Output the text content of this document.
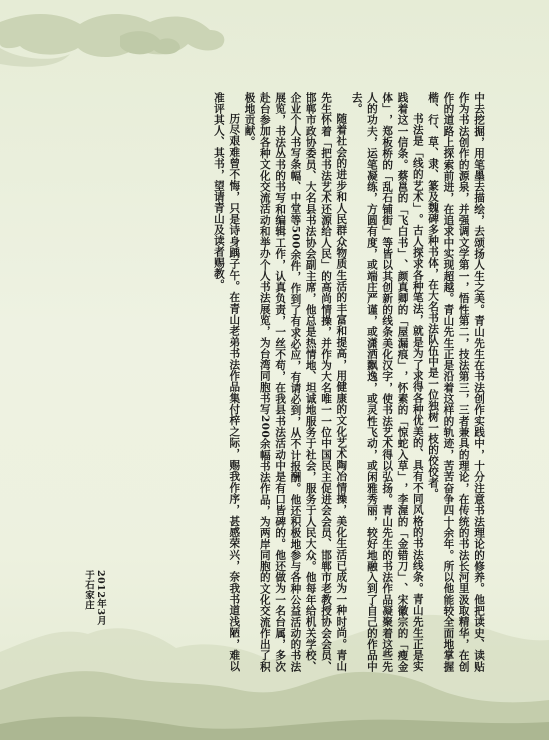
中去挖掘，用笔墨去描绘，去颂扬人生之美。青山先生在书法创作实践中，十分注意书法理论的修养。他把读史、读贴作为书法创作的源泉，并强调文学第一，悟性第二，技法第三，三者兼具的理论，在传统的书法长河里汲取精华，在创作的道路上探索前进，在追求中实现超越。青山先生正是沿着这样的轨迹，苦苦奋争四十余年。所以他能较全面地掌握楷、行、草、隶、篆及魏碑多种书体，在大名书法队伍中是一位独树一枝的佼佼者。

书法是「线的艺术」。古人探求各种笔法，就是为了求得各种优美的、具有不同风格的书法线条。青山先生正是实践着这一信条。蔡邕的「飞白书」、颜真卿的「屋漏痕」，怀素的「惊蛇入草」，李渥的「金错刀」、宋徽宗的「瘦金体」，郑板桥的「乱石铺街」等皆以其创新的线条美化汉字，使书法艺术得以弘扬。青山先生的书法作品凝聚着这些先人的功夫，运笔凝练，方圆有度，或端庄严谨，或潇洒飘逸，或灵性飞动，或闲雅秀丽，较好地融入到了自己的作品中去。

随着社会的进步和人民群众物质生活的丰富和提高，用健康的文化艺术陶冶情操，美化生活已成为一种时尚。青山先生怀着「把书法艺术还源给人民」的高尚情操，并作为大名唯一一位中国民主促进会会员、邯郸市老教授协会会员、邯郸市政协委员、大名县书法协会副主席，他总是热情地、坦诚地服务于社会，服务于人民大众。他每年给机关学校、企业个人书写条幅、中堂等500余件，作到了有求必应，有请必到，从不计报酬。他还积极地参与各种公益活动的书法展览，书法丛书的书写和编辑工作，认真负责，一丝不苟，在我县书法活动中是有口皆碑的。他还做为一名台属，多次赴台参加各种文化交流活动和举办个人书法展览，为台湾同胞书写200余幅书法作品，为两岸同胞的文化交流作出了积极地贡献。

历尽艰难曾不悔，只是诗身踽子午。在青山老弟书法作品集付梓之际，赐我作序，甚感荣兴，奈我书道浅陋，难以准评其人、其书，望请青山及读者赐教。

2012年3月
于石家庄
